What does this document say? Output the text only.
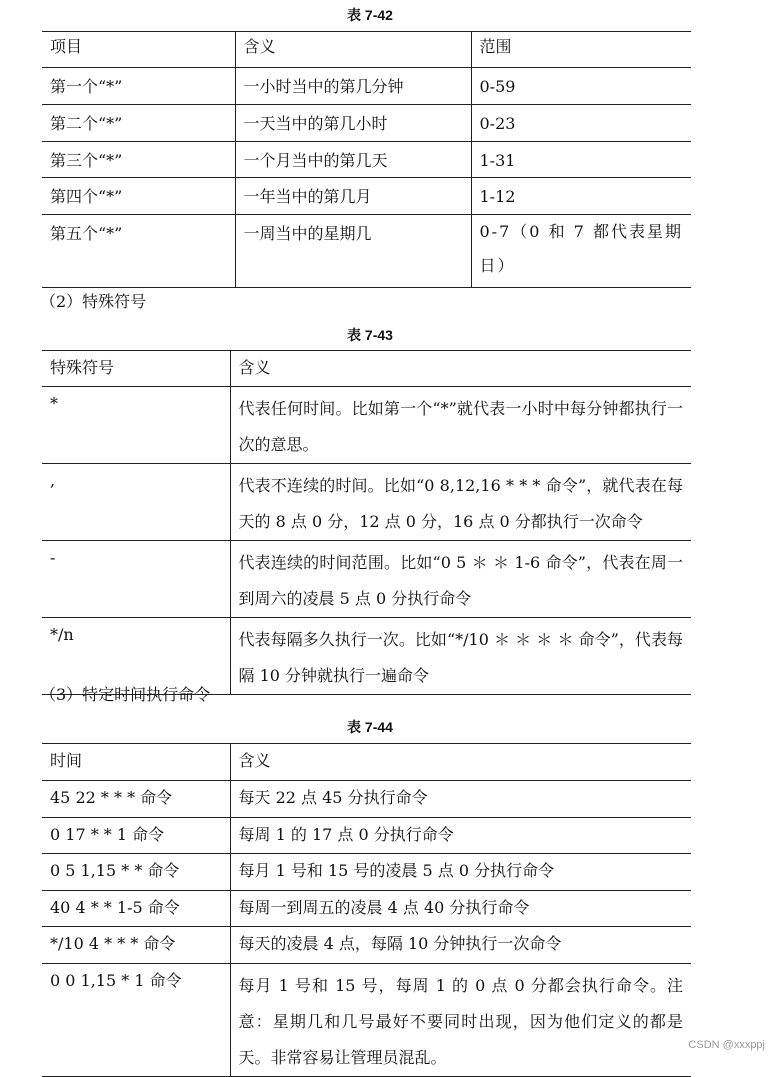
表 7-42
项目	含义	范围
第一个“*”	一小时当中的第几分钟	0-59
第二个“*”	一天当中的第几小时	0-23
第三个“*”	一个月当中的第几天	1-31
第四个“*”	一年当中的第几月	1-12
第五个“*”	一周当中的星期几	0-7（0 和 7 都代表星期日）
（2）特殊符号
表 7-43
特殊符号	含义
*	代表任何时间。比如第一个“*”就代表一小时中每分钟都执行一次的意思。
,	代表不连续的时间。比如“0 8,12,16 * * * 命令”，就代表在每天的 8 点 0 分，12 点 0 分，16 点 0 分都执行一次命令
-	代表连续的时间范围。比如“0 5 ＊ ＊ 1-6 命令”，代表在周一到周六的凌晨 5 点 0 分执行命令
*/n	代表每隔多久执行一次。比如“*/10 ＊ ＊ ＊ ＊ 命令”，代表每隔 10 分钟就执行一遍命令
（3）特定时间执行命令
表 7-44
时间	含义
45 22 * * * 命令	每天 22 点 45 分执行命令
0 17 * * 1 命令	每周 1 的 17 点 0 分执行命令
0 5 1,15 * * 命令	每月 1 号和 15 号的凌晨 5 点 0 分执行命令
40 4 * * 1-5 命令	每周一到周五的凌晨 4 点 40 分执行命令
*/10 4 * * * 命令	每天的凌晨 4 点，每隔 10 分钟执行一次命令
0 0 1,15 * 1 命令	每月 1 号和 15 号，每周 1 的 0 点 0 分都会执行命令。注意：星期几和几号最好不要同时出现，因为他们定义的都是天。非常容易让管理员混乱。
CSDN @xxxppj
